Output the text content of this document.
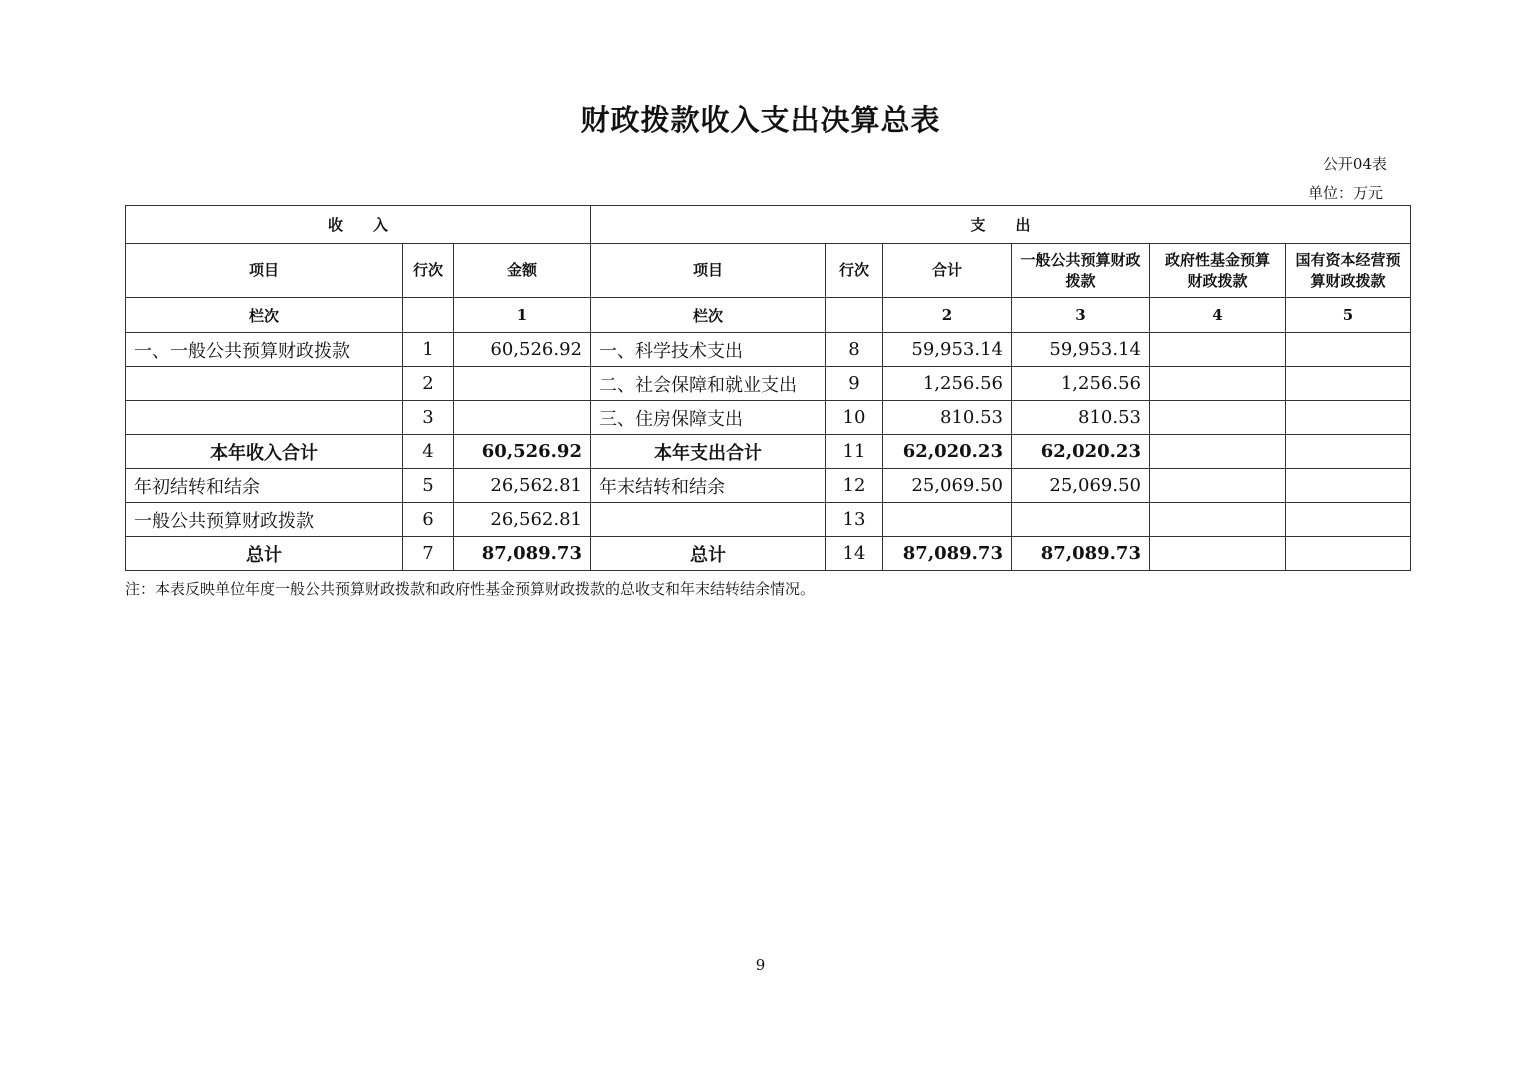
财政拨款收入支出决算总表
公开04表
单位：万元
收　　入			支　　出					
项目	行次	金额	项目	行次	合计	一般公共预算财政拨款	政府性基金预算财政拨款	国有资本经营预算财政拨款
栏次		1	栏次		2	3	4	5
一、一般公共预算财政拨款	1	60,526.92	一、科学技术支出	8	59,953.14	59,953.14		
	2		二、社会保障和就业支出	9	1,256.56	1,256.56		
	3		三、住房保障支出	10	810.53	810.53		
本年收入合计	4	60,526.92	本年支出合计	11	62,020.23	62,020.23		
年初结转和结余	5	26,562.81	年末结转和结余	12	25,069.50	25,069.50		
一般公共预算财政拨款	6	26,562.81		13				
总计	7	87,089.73	总计	14	87,089.73	87,089.73		
注：本表反映单位年度一般公共预算财政拨款和政府性基金预算财政拨款的总收支和年末结转结余情况。
9
